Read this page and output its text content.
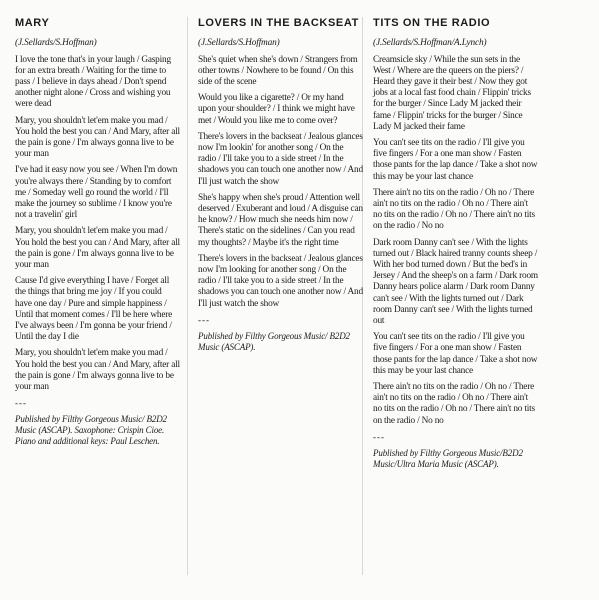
MARY

(J.Sellards/S.Hoffman)

I love the tone that's in your laugh / Gasping for an extra breath / Waiting for the time to pass / I believe in days ahead / Don't spend another night alone / Cross and wishing you were dead

Mary, you shouldn't let'em make you mad / You hold the best you can / And Mary, after all the pain is gone / I'm always gonna live to be your man

I've had it easy now you see / When I'm down you're always there / Standing by to comfort me / Someday well go round the world / I'll make the journey so sublime / I know you're not a travelin' girl

Mary, you shouldn't let'em make you mad / You hold the best you can / And Mary, after all the pain is gone / I'm always gonna live to be your man

Cause I'd give everything I have / Forget all the things that bring me joy / If you could have one day / Pure and simple happiness / Until that moment comes / I'll be here where I've always been / I'm gonna be your friend / Until the day I die

Mary, you shouldn't let'em make you mad / You hold the best you can / And Mary, after all the pain is gone / I'm always gonna live to be your man

---

Published by Filthy Gorgeous Music/ B2D2 Music (ASCAP). Saxophone: Crispin Cioe. Piano and additional keys: Paul Leschen.

LOVERS IN THE BACKSEAT

(J.Sellards/S.Hoffman)

She's quiet when she's down / Strangers from other towns / Nowhere to be found / On this side of the scene

Would you like a cigarette? / Or my hand upon your shoulder? / I think we might have met / Would you like me to come over?

There's lovers in the backseat / Jealous glances now I'm lookin' for another song / On the radio / I'll take you to a side street / In the shadows you can touch one another now / And I'll just watch the show

She's happy when she's proud / Attention well deserved / Exuberant and loud / A disguise can he know? / How much she needs him now / There's static on the sidelines / Can you read my thoughts? / Maybe it's the right time

There's lovers in the backseat / Jealous glances now I'm looking for another song / On the radio / I'll take you to a side street / In the shadows you can touch one another now / And I'll just watch the show

---

Published by Filthy Gorgeous Music/ B2D2 Music (ASCAP).

TITS ON THE RADIO

(J.Sellards/S.Hoffman/A.Lynch)

Creamsicle sky / While the sun sets in the West / Where are the queers on the piers? / Heard they gave it their best / Now they got jobs at a local fast food chain / Flippin' tricks for the burger / Since Lady M jacked their fame / Flippin' tricks for the burger / Since Lady M jacked their fame

You can't see tits on the radio / I'll give you five fingers / For a one man show / Fasten those pants for the lap dance / Take a shot now this may be your last chance

There ain't no tits on the radio / Oh no / There ain't no tits on the radio / Oh no / There ain't no tits on the radio / Oh no / There ain't no tits on the radio / No no

Dark room Danny can't see / With the lights turned out / Black haired tranny counts sheep / With her bod turned down / But the bed's in Jersey / And the sheep's on a farm / Dark room Danny hears police alarm / Dark room Danny can't see / With the lights turned out / Dark room Danny can't see / With the lights turned out

You can't see tits on the radio / I'll give you five fingers / For a one man show / Fasten those pants for the lap dance / Take a shot now this may be your last chance

There ain't no tits on the radio / Oh no / There ain't no tits on the radio / Oh no / There ain't no tits on the radio / Oh no / There ain't no tits on the radio / No no

---

Published by Filthy Gorgeous Music/B2D2 Music/Ultra Maria Music (ASCAP).
